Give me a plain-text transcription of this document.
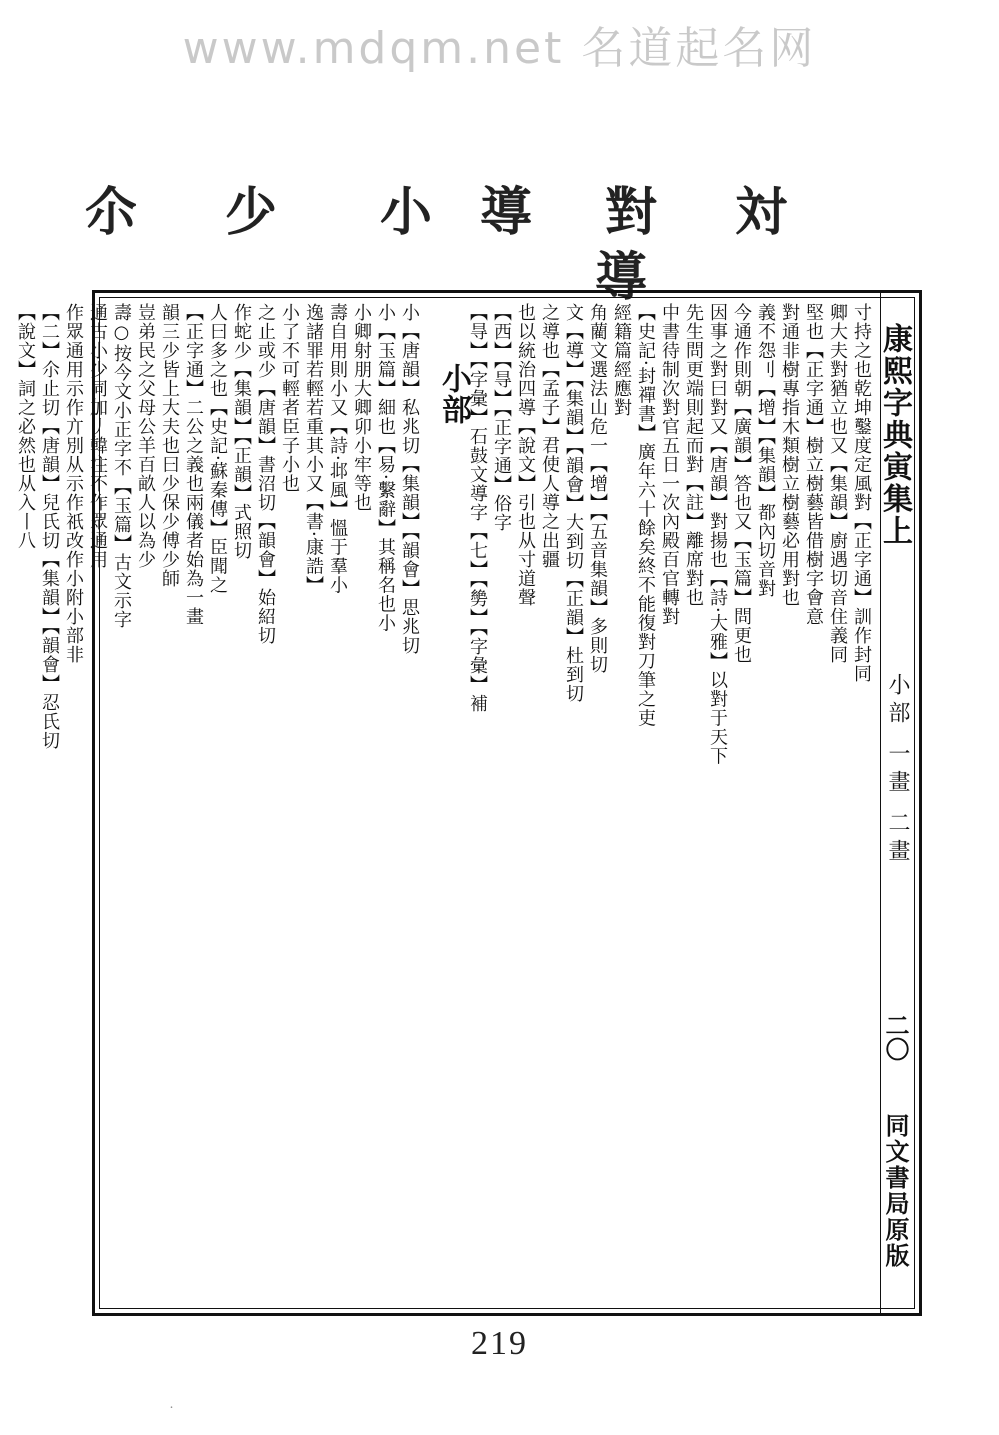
www.mdqm.net 名道起名网
対
對
導
小
少
尒
導
康熙字典寅集上
小部 一畫 二畫
二〇
同文書局原版
寸持之也乾坤鑿度定風對【正字通】訓作封同
卿大夫對猶立也又【集韻】廚遇切音住義同
堅也【正字通】樹立樹藝皆借樹字會意
對通非樹專指木類樹立樹藝必用對也
義不怨刂【增】【集韻】都內切音對
今通作則朝【廣韻】答也又【玉篇】問更也
因事之對曰對又【唐韻】對揚也【詩·大雅】以對于天下
先生問更端則起而對【註】離席對也
中書待制次對官五日一次內殿百官轉對
【史記·封禪書】廣年六十餘矣終不能復對刀筆之吏
經籍篇經應對
角藺文選法山危一【增】【五音集韻】多則切
文【導】【集韻】【韻會】大到切【正韻】杜到切
之導也【孟子】君使人導之出疆
也以統治四導【說文】引也从寸道聲
【西】【㝵】【正字通】俗字
【㝵】【字彙】石鼓文導字【七】【㔢】【字彙】補
小部
小【唐韻】私兆切【集韻】【韻會】思兆切
小【玉篇】細也【易·繫辭】其稱名也小
小卿射朋大卿卯小牢等也
壽自用則小又【詩·邶風】慍于羣小
逸諸罪若輕若重其小又【書·康誥】
小了不可輕者臣子小也
之止或少【唐韻】書沼切【韻會】始紹切
作蛇少【集韻】【正韻】式照切
人曰多之也【史記·蘇秦傳】臣聞之
【正字通】二公之義也兩儀者始為一畫
韻三少皆上大夫也曰少保少傅少師
豈弟民之父母公羊百畝人以為少
壽○按今文小正字不【玉篇】古文示字
通古小少同加丿韓注不作眾通用
作眾通用示作亣別从示作祇改作小附小部非
【二】尒止切【唐韻】兒氏切【集韻】【韻會】忍氏切
【說文】詞之必然也从入丨八
219
˙
